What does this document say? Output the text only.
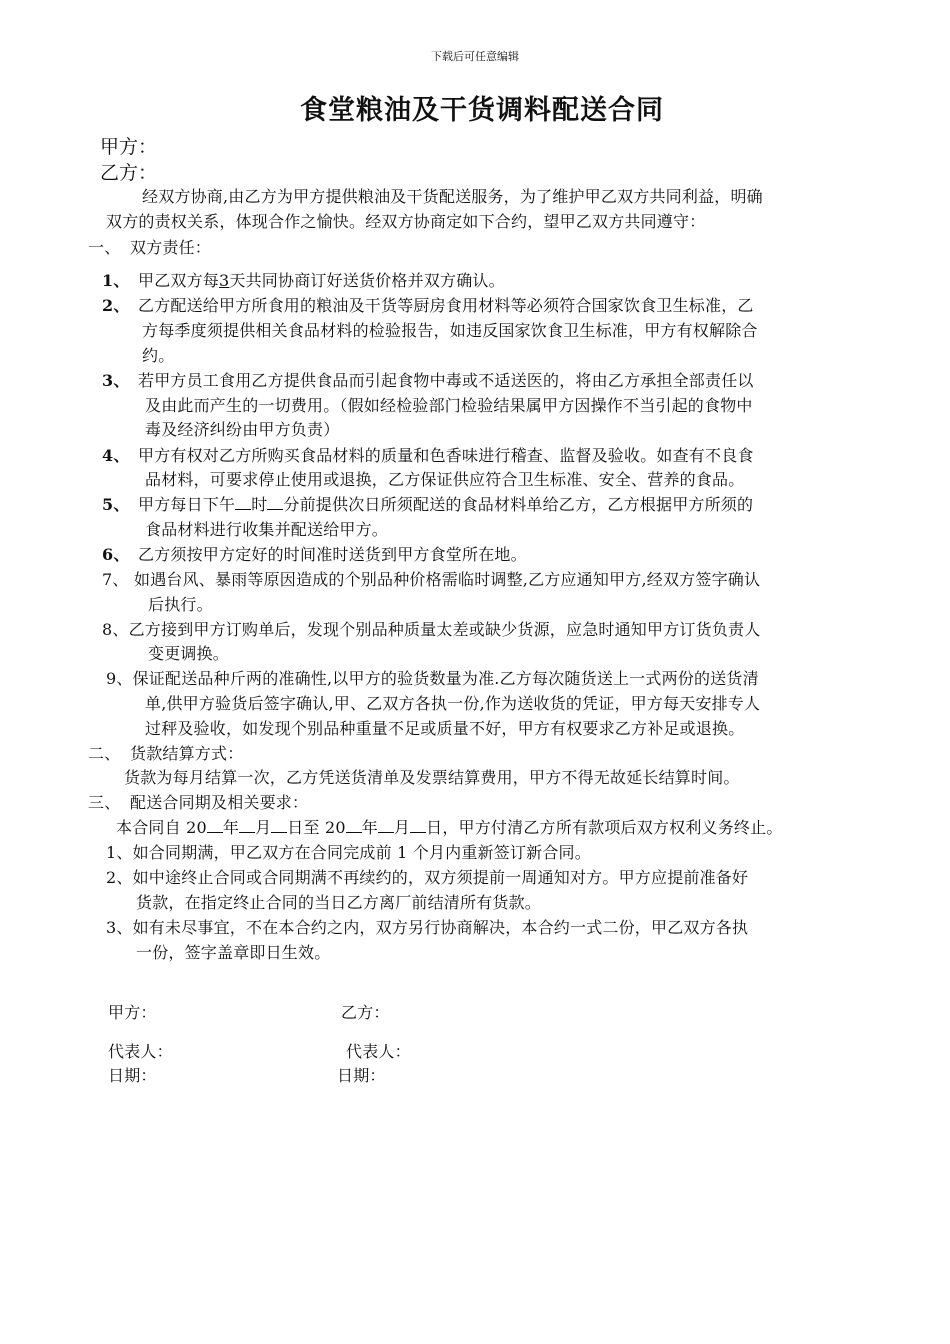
下载后可任意编辑
食堂粮油及干货调料配送合同
甲方：
乙方：
经双方协商,由乙方为甲方提供粮油及干货配送服务，为了维护甲乙双方共同利益，明确
双方的责权关系，体现合作之愉快。经双方协商定如下合约，望甲乙双方共同遵守：
一、 双方责任：
1、 甲乙双方每3天共同协商订好送货价格并双方确认。
2、 乙方配送给甲方所食用的粮油及干货等厨房食用材料等必须符合国家饮食卫生标准，乙
方每季度须提供相关食品材料的检验报告，如违反国家饮食卫生标准，甲方有权解除合
约。
3、 若甲方员工食用乙方提供食品而引起食物中毒或不适送医的，将由乙方承担全部责任以
及由此而产生的一切费用。（假如经检验部门检验结果属甲方因操作不当引起的食物中
毒及经济纠纷由甲方负责）
4、 甲方有权对乙方所购买食品材料的质量和色香味进行稽查、监督及验收。如查有不良食
品材料，可要求停止使用或退换，乙方保证供应符合卫生标准、安全、营养的食品。
5、 甲方每日下午 时 分前提供次日所须配送的食品材料单给乙方，乙方根据甲方所须的
食品材料进行收集并配送给甲方。
6、 乙方须按甲方定好的时间准时送货到甲方食堂所在地。
7、 如遇台风、暴雨等原因造成的个别品种价格需临时调整,乙方应通知甲方,经双方签字确认
后执行。
8、乙方接到甲方订购单后，发现个别品种质量太差或缺少货源，应急时通知甲方订货负责人
变更调换。
9、保证配送品种斤两的准确性,以甲方的验货数量为准.乙方每次随货送上一式两份的送货清
单,供甲方验货后签字确认,甲、乙双方各执一份,作为送收货的凭证，甲方每天安排专人
过秤及验收，如发现个别品种重量不足或质量不好，甲方有权要求乙方补足或退换。
二、 货款结算方式：
货款为每月结算一次，乙方凭送货清单及发票结算费用，甲方不得无故延长结算时间。
三、 配送合同期及相关要求：
本合同自 20 年 月 日至 20 年 月 日，甲方付清乙方所有款项后双方权利义务终止。
1、如合同期满，甲乙双方在合同完成前 1 个月内重新签订新合同。
2、如中途终止合同或合同期满不再续约的，双方须提前一周通知对方。甲方应提前准备好
货款，在指定终止合同的当日乙方离厂前结清所有货款。
3、如有未尽事宜，不在本合约之内，双方另行协商解决，本合约一式二份，甲乙双方各执
一份，签字盖章即日生效。
甲方：	乙方：
代表人：	代表人：
日期：	日期：
